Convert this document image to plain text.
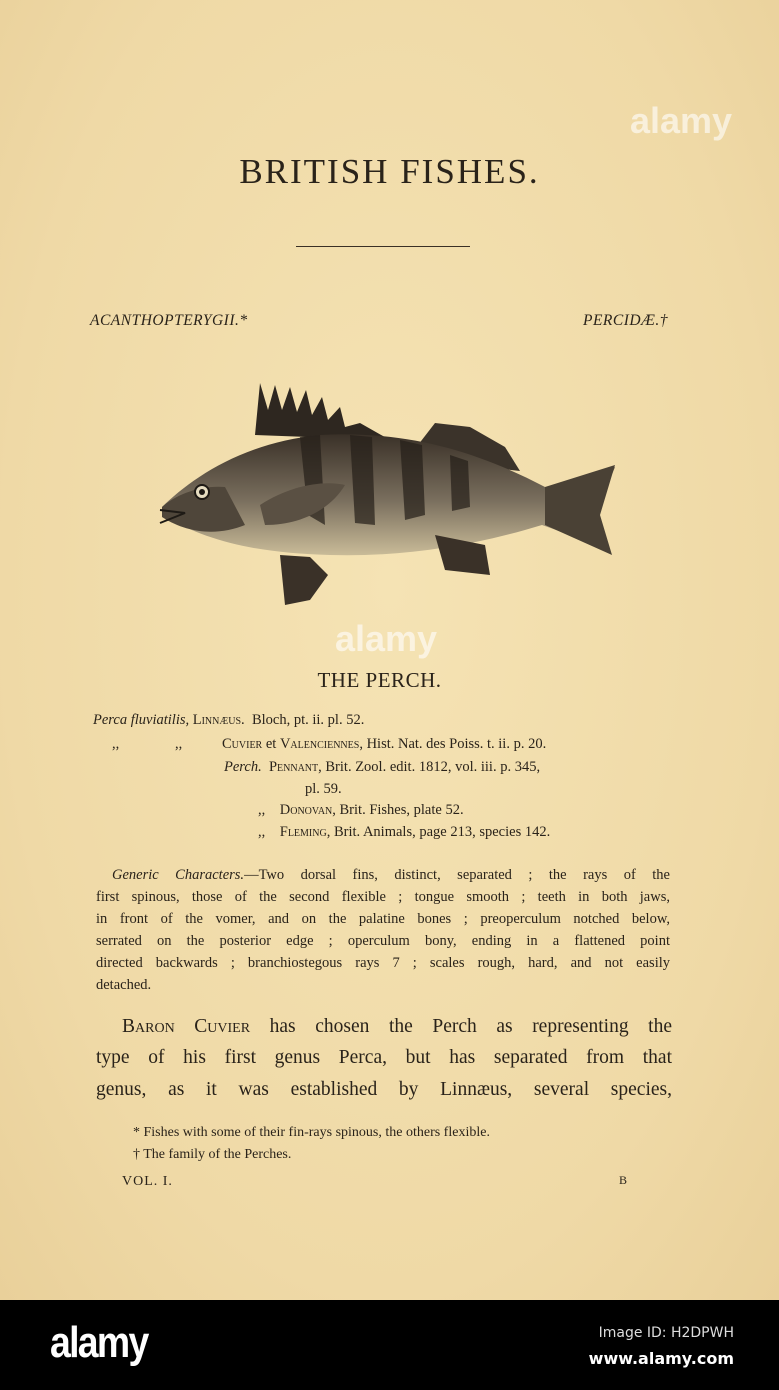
BRITISH FISHES.
ACANTHOPTERYGII.*	PERCIDÆ.†
THE PERCH.
Perca fluviatilis, Linnæus. Bloch, pt. ii. pl. 52.
,,	,,	Cuvier et Valenciennes, Hist. Nat. des Poiss. t. ii. p. 20.
Perch. Pennant, Brit. Zool. edit. 1812, vol. iii. p. 345,
pl. 59.
,, Donovan, Brit. Fishes, plate 52.
,, Fleming, Brit. Animals, page 213, species 142.
Generic Characters.—Two dorsal fins, distinct, separated ; the rays of the
first spinous, those of the second flexible ; tongue smooth ; teeth in both jaws,
in front of the vomer, and on the palatine bones ; preoperculum notched below,
serrated on the posterior edge ; operculum bony, ending in a flattened point
directed backwards ; branchiostegous rays 7 ; scales rough, hard, and not easily
detached.
Baron Cuvier has chosen the Perch as representing the
type of his first genus Perca, but has separated from that
genus, as it was established by Linnæus, several species,
* Fishes with some of their fin-rays spinous, the others flexible.
† The family of the Perches.
VOL. I.	B
alamy
alamy
alamy	Image ID: H2DPWH
www.alamy.com
